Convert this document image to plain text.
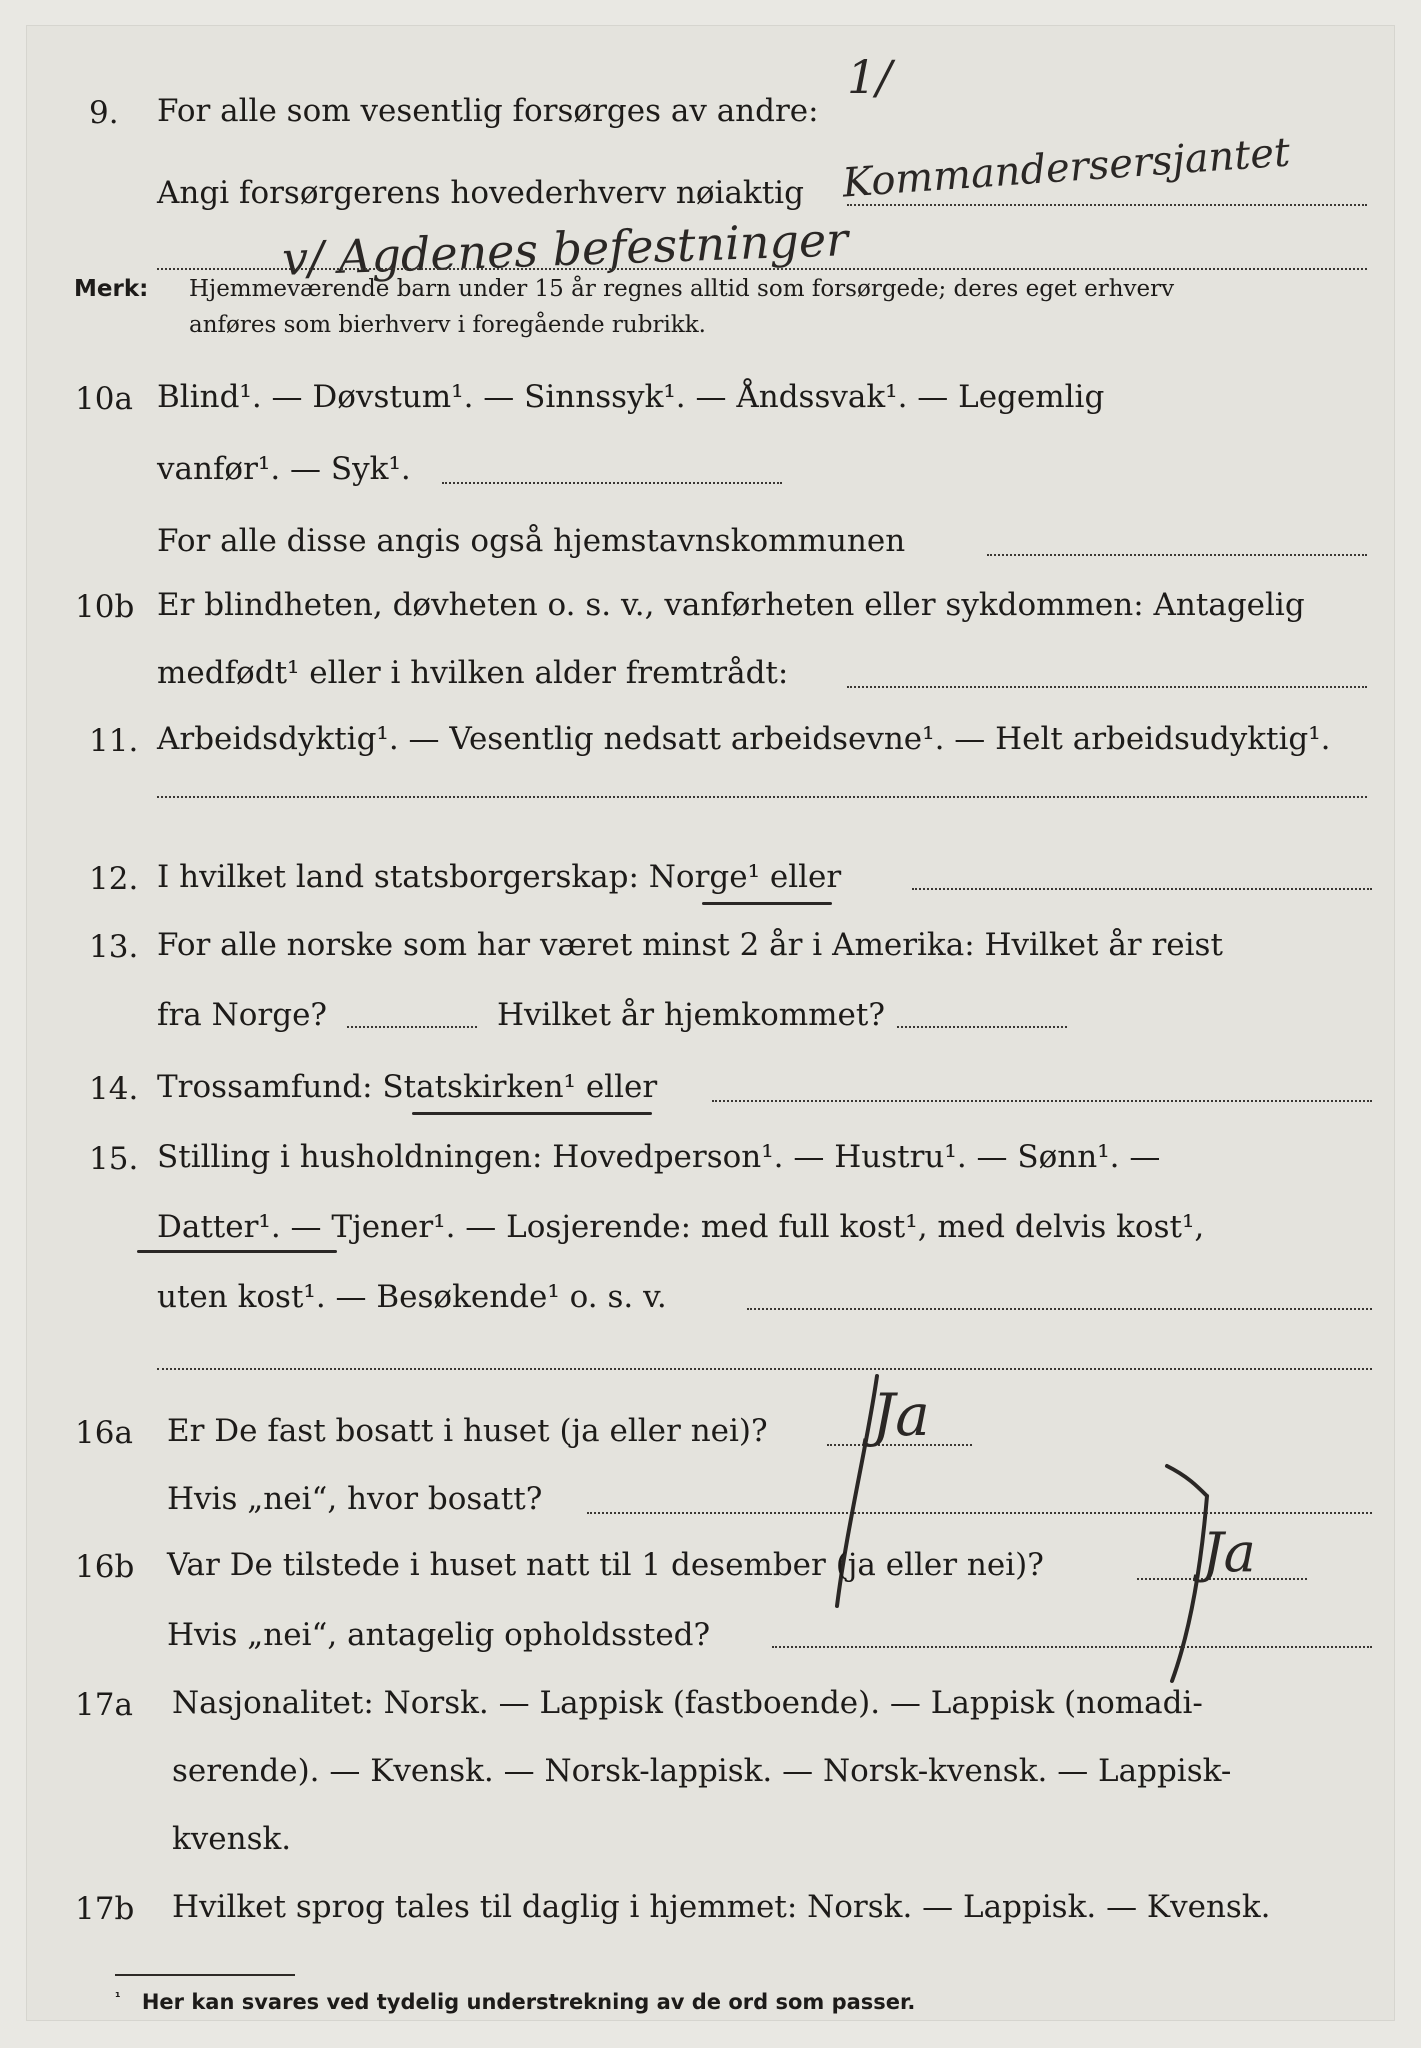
9. For alle som vesentlig forsørges av andre:
1/
Angi forsørgerens hovederhverv nøiaktig Kommandersersjantet
v/ Agdenes befestninger
Merk: Hjemmeværende barn under 15 år regnes alltid som forsørgede; deres eget erhverv
anføres som bierhverv i foregående rubrikk.
10a Blind¹. — Døvstum¹. — Sinnssyk¹. — Åndssvak¹. — Legemlig
vanfør¹. — Syk¹.
For alle disse angis også hjemstavnskommunen
10b Er blindheten, døvheten o. s. v., vanførheten eller sykdommen: Antagelig
medfødt¹ eller i hvilken alder fremtrådt:
11. Arbeidsdyktig¹. — Vesentlig nedsatt arbeidsevne¹. — Helt arbeidsudyktig¹.
12. I hvilket land statsborgerskap: Norge¹ eller
13. For alle norske som har været minst 2 år i Amerika: Hvilket år reist
fra Norge?	Hvilket år hjemkommet?
14. Trossamfund: Statskirken¹ eller
15. Stilling i husholdningen: Hovedperson¹. — Hustru¹. — Sønn¹. —
Datter¹. — Tjener¹. — Losjerende: med full kost¹, med delvis kost¹,
uten kost¹. — Besøkende¹ o. s. v.
16a Er De fast bosatt i huset (ja eller nei)? Ja
Hvis „nei“, hvor bosatt?
16b Var De tilstede i huset natt til 1 desember (ja eller nei)?	Ja
Hvis „nei“, antagelig opholdssted?
17a Nasjonalitet: Norsk. — Lappisk (fastboende). — Lappisk (nomadi-
serende). — Kvensk. — Norsk-lappisk. — Norsk-kvensk. — Lappisk-
kvensk.
17b Hvilket sprog tales til daglig i hjemmet: Norsk. — Lappisk. — Kvensk.
$^{^1}$ Her kan svares ved tydelig understrekning av de ord som passer.
